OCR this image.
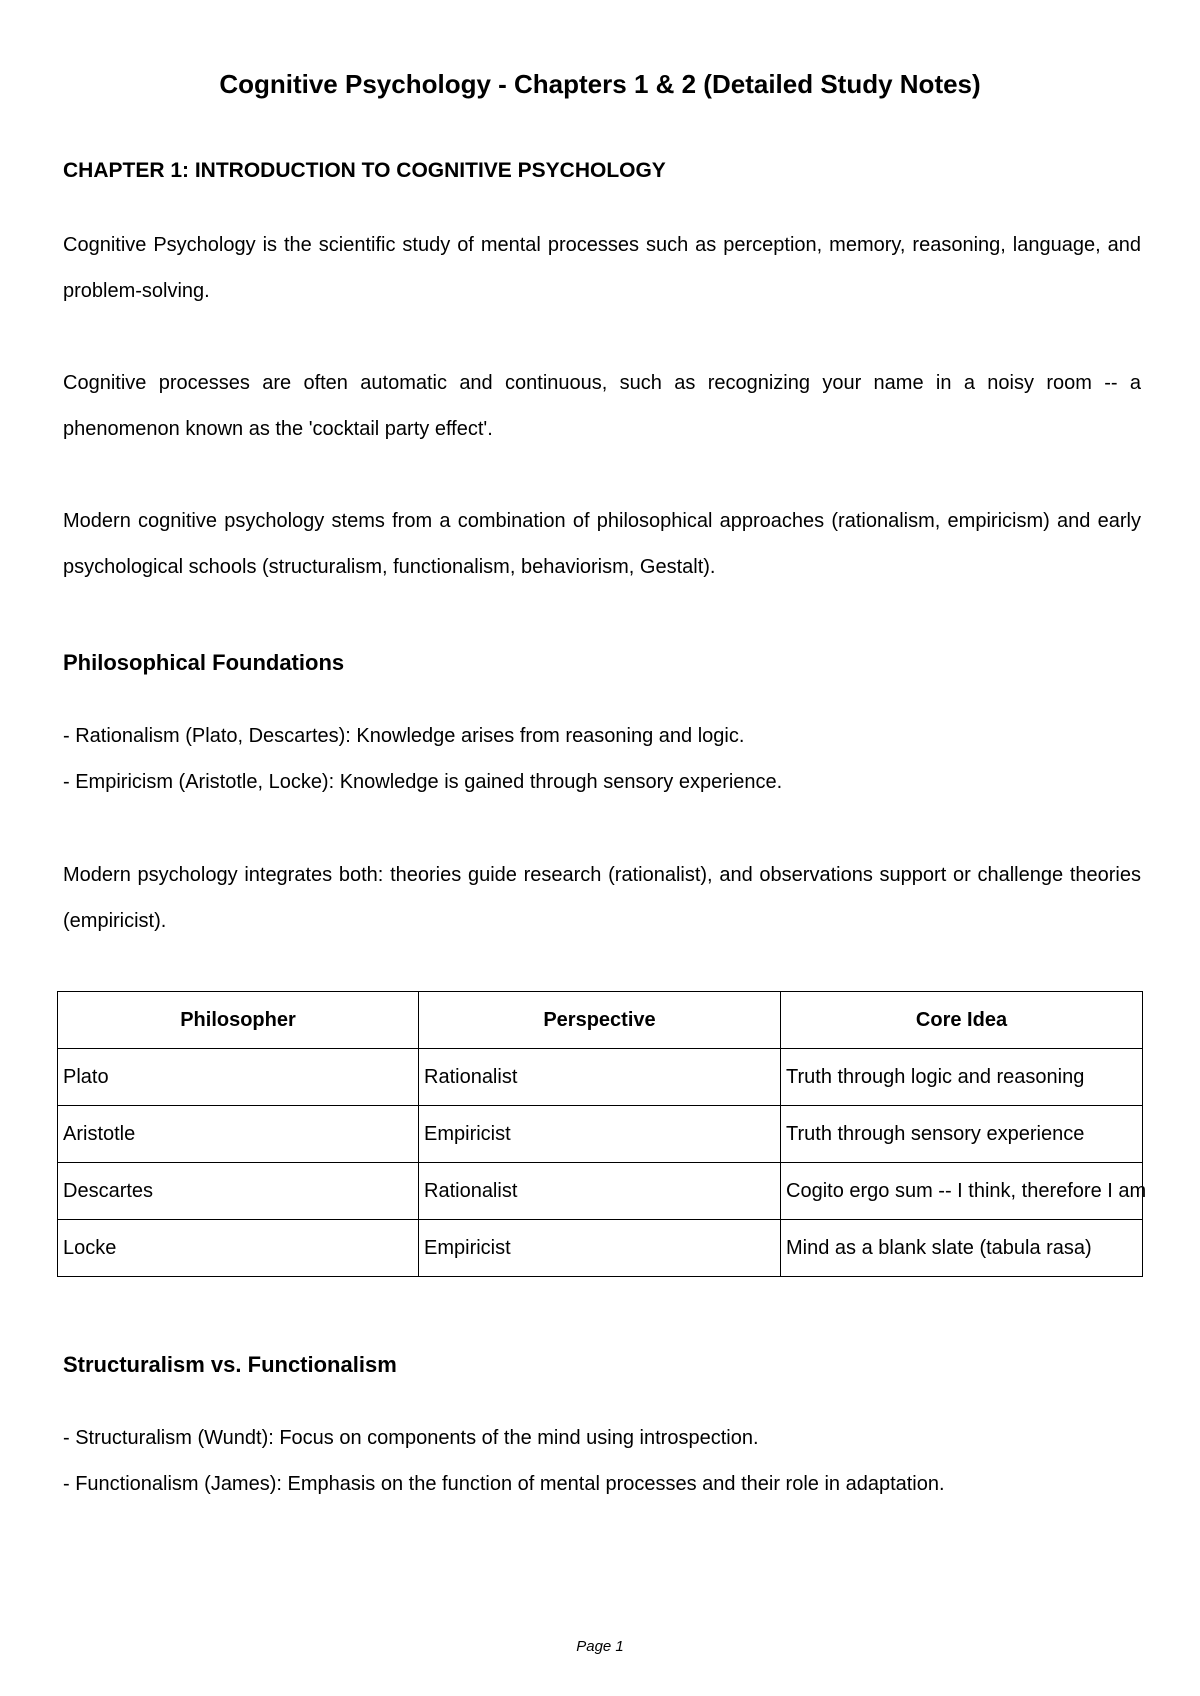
Cognitive Psychology - Chapters 1 & 2 (Detailed Study Notes)
CHAPTER 1: INTRODUCTION TO COGNITIVE PSYCHOLOGY

Cognitive Psychology is the scientific study of mental processes such as perception, memory, reasoning, language, and problem-solving.

Cognitive processes are often automatic and continuous, such as recognizing your name in a noisy room -- a phenomenon known as the 'cocktail party effect'.

Modern cognitive psychology stems from a combination of philosophical approaches (rationalism, empiricism) and early psychological schools (structuralism, functionalism, behaviorism, Gestalt).

Philosophical Foundations

- Rationalism (Plato, Descartes): Knowledge arises from reasoning and logic.

- Empiricism (Aristotle, Locke): Knowledge is gained through sensory experience.

Modern psychology integrates both: theories guide research (rationalist), and observations support or challenge theories (empiricist).

Philosopher	Perspective	Core Idea
Plato	Rationalist	Truth through logic and reasoning
Aristotle	Empiricist	Truth through sensory experience
Descartes	Rationalist	Cogito ergo sum -- I think, therefore I am
Locke	Empiricist	Mind as a blank slate (tabula rasa)
Structuralism vs. Functionalism

- Structuralism (Wundt): Focus on components of the mind using introspection.

- Functionalism (James): Emphasis on the function of mental processes and their role in adaptation.

Page 1
